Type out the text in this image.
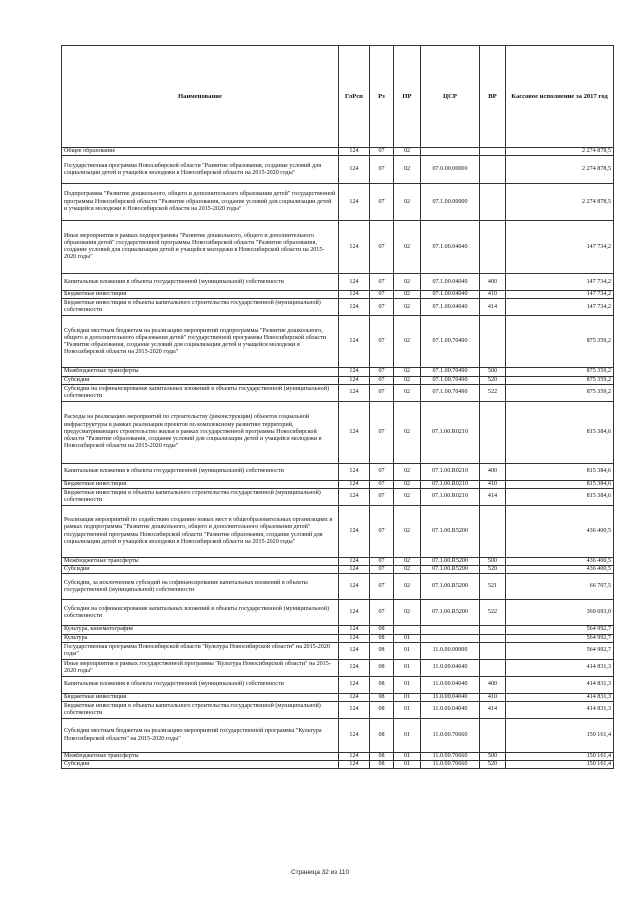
Наименование	ГлРсп	Рз	ПР	ЦСР	ВР	Кассовое исполнение за 2017 год
Общее образование	124	07	02			2 274 878,5
Государственная программа Новосибирской области "Развитие образования, создание условий для социализации детей и учащейся молодежи в Новосибирской области на 2015-2020 годы"	124	07	02	07.0.00.00000		2 274 878,5
Подпрограмма "Развитие дошкольного, общего и дополнительного образования детей" государственной программы Новосибирской области "Развитие образования, создание условий для социализации детей и учащейся молодежи в Новосибирской области на 2015-2020 годы"	124	07	02	07.1.00.00000		2 274 878,5
Иные мероприятия в рамках подпрограммы "Развитие дошкольного, общего и дополнительного образования детей" государственной программы Новосибирской области "Развитие образования, создание условий для социализации детей и учащейся молодежи в Новосибирской области на 2015-2020 годы"	124	07	02	07.1.00.04040		147 734,2
Капитальные вложения в объекты государственной (муниципальной) собственности	124	07	02	07.1.00.04040	400	147 734,2
Бюджетные инвестиции	124	07	02	07.1.00.04040	410	147 734,2
Бюджетные инвестиции в объекты капитального строительства государственной (муниципальной) собственности	124	07	02	07.1.00.04040	414	147 734,2
Субсидии местным бюджетам на реализацию мероприятий подпрограммы "Развитие дошкольного, общего и дополнительного образования детей" государственной программы Новосибирской области "Развитие образования, создание условий для социализации детей и учащейся молодежи в Новосибирской области на 2015-2020 годы"	124	07	02	07.1.00.70490		875 359,2
Межбюджетные трансферты	124	07	02	07.1.00.70490	500	875 359,2
Субсидии	124	07	02	07.1.00.70490	520	875 359,2
Субсидии на софинансирование капитальных вложений в объекты государственной (муниципальной) собственности	124	07	02	07.1.00.70490	522	875 359,2
Расходы на реализацию мероприятий по строительству (реконструкции) объектов социальной инфраструктуры в рамках реализации проектов по комплексному развитию территорий, предусматривающих строительство жилья в рамках государственной программы Новосибирской области "Развитие образования, создание условий для социализации детей и учащейся молодежи в Новосибирской области на 2015-2020 годы"	124	07	02	07.1.00.R0210		815 384,6
Капитальные вложения в объекты государственной (муниципальной) собственности	124	07	02	07.1.00.R0210	400	815 384,6
Бюджетные инвестиции	124	07	02	07.1.00.R0210	410	815 384,6
Бюджетные инвестиции в объекты капитального строительства государственной (муниципальной) собственности	124	07	02	07.1.00.R0210	414	815 384,6
Реализация мероприятий по содействию созданию новых мест в общеобразовательных организациях в рамках подпрограммы "Развитие дошкольного, общего и дополнительного образования детей" государственной программы Новосибирской области "Развитие образования, создание условий для социализации детей и учащейся молодежи в Новосибирской области на 2015-2020 годы"	124	07	02	07.1.00.R5200		436 400,5
Межбюджетные трансферты	124	07	02	07.1.00.R5200	500	436 400,5
Субсидии	124	07	02	07.1.00.R5200	520	436 400,5
Субсидии, за исключением субсидий на софинансирование капитальных вложений в объекты государственной (муниципальной) собственности	124	07	02	07.1.00.R5200	521	66 707,5
Субсидии на софинансирование капитальных вложений в объекты государственной (муниципальной) собственности	124	07	02	07.1.00.R5200	522	369 693,0
Культура, кинематография	124	08				564 992,7
Культура	124	08	01			564 992,7
Государственная программа Новосибирской области "Культура Новосибирской области" на 2015-2020 годы"	124	08	01	11.0.00.00000		564 992,7
Иные мероприятия в рамках государственной программы "Культура Новосибирской области" на 2015-2020 годы"	124	08	01	11.0.00.04040		414 831,3
Капитальные вложения в объекты государственной (муниципальной) собственности	124	08	01	11.0.00.04040	400	414 831,3
Бюджетные инвестиции	124	08	01	11.0.00.04040	410	414 831,3
Бюджетные инвестиции в объекты капитального строительства государственной (муниципальной) собственности	124	08	01	11.0.00.04040	414	414 831,3
Субсидии местным бюджетам на реализацию мероприятий государственной программы "Культура Новосибирской области" на 2015-2020 годы"	124	08	01	11.0.00.70660		150 161,4
Межбюджетные трансферты	124	08	01	11.0.00.70660	500	150 161,4
Субсидии	124	08	01	11.0.00.70660	520	150 161,4
Страница 32 из 110
